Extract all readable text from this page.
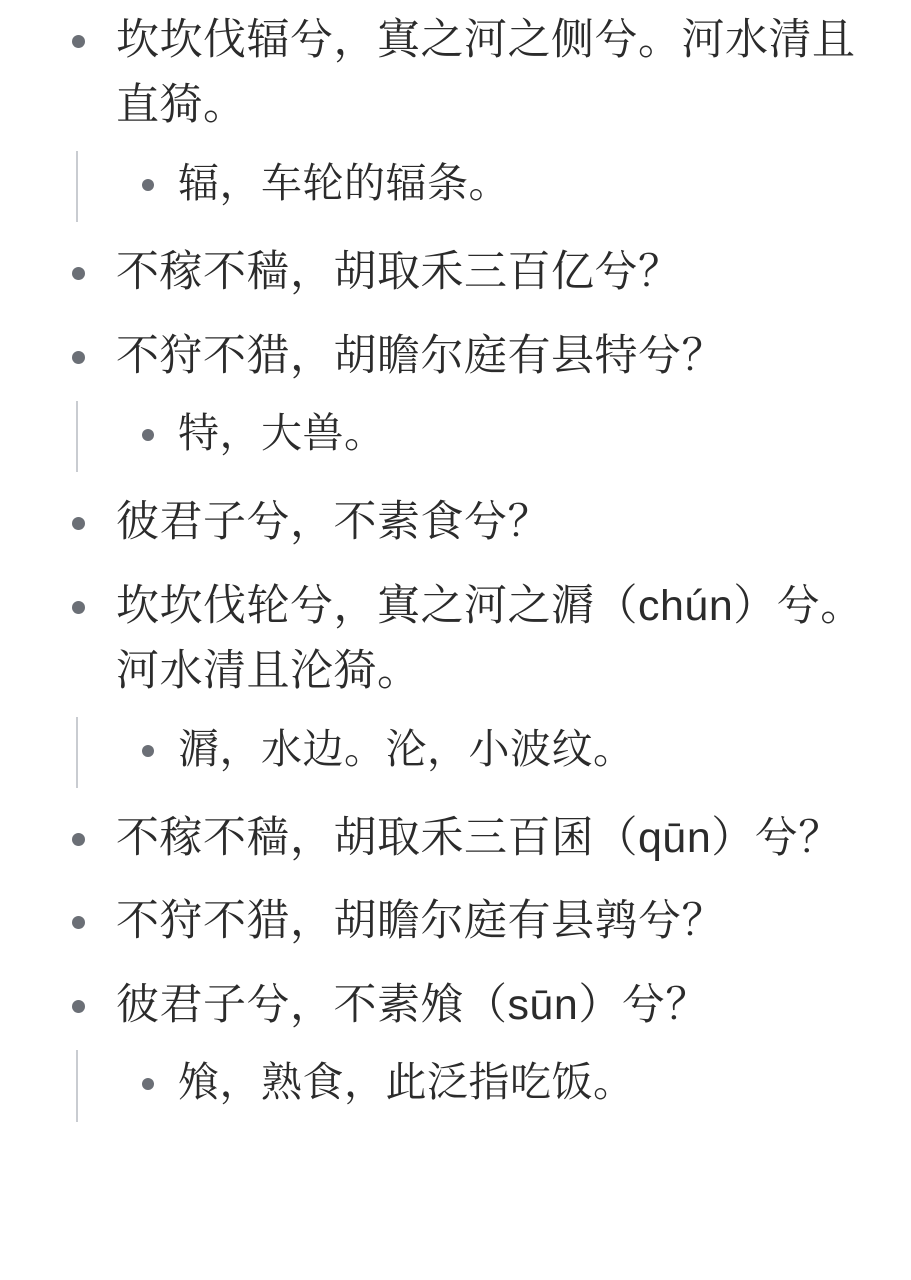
坎坎伐辐兮，寘之河之侧兮。河水清且直猗。
辐，车轮的辐条。
不稼不穑，胡取禾三百亿兮？
不狩不猎，胡瞻尔庭有县特兮？
特，大兽。
彼君子兮，不素食兮？
坎坎伐轮兮，寘之河之漘（chún）兮。河水清且沦猗。
漘，水边。沦，小波纹。
不稼不穑，胡取禾三百囷（qūn）兮？
不狩不猎，胡瞻尔庭有县鹑兮？
彼君子兮，不素飧（sūn）兮？
飧，熟食，此泛指吃饭。
